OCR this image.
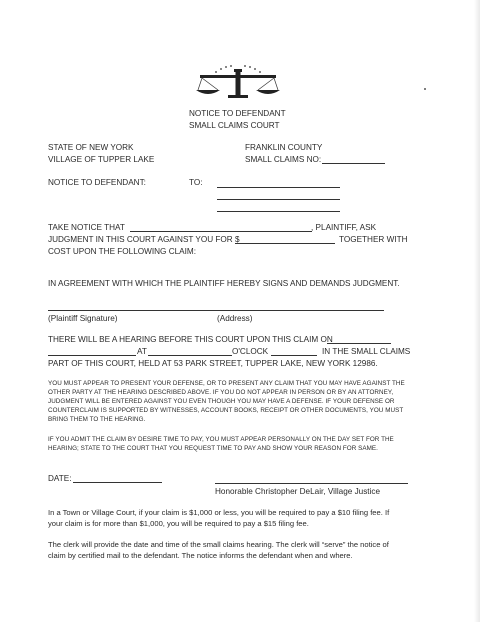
NOTICE TO DEFENDANT
SMALL CLAIMS COURT
STATE OF NEW YORK
VILLAGE OF TUPPER LAKE
FRANKLIN COUNTY
SMALL CLAIMS NO:
NOTICE TO DEFENDANT:	TO:
TAKE NOTICE THAT	, PLAINTIFF, ASK
JUDGMENT IN THIS COURT AGAINST YOU FOR $	TOGETHER WITH
COST UPON THE FOLLOWING CLAIM:
IN AGREEMENT WITH WHICH THE PLAINTIFF HEREBY SIGNS AND DEMANDS JUDGMENT.
(Plaintiff Signature)	(Address)
THERE WILL BE A HEARING BEFORE THIS COURT UPON THIS CLAIM ON
AT	O'CLOCK	IN THE SMALL CLAIMS
PART OF THIS COURT, HELD AT 53 PARK STREET, TUPPER LAKE, NEW YORK 12986.
YOU MUST APPEAR TO PRESENT YOUR DEFENSE, OR TO PRESENT ANY CLAIM THAT YOU MAY HAVE AGAINST THE
OTHER PARTY AT THE HEARING DESCRIBED ABOVE. IF YOU DO NOT APPEAR IN PERSON OR BY AN ATTORNEY,
JUDGMENT WILL BE ENTERED AGAINST YOU EVEN THOUGH YOU MAY HAVE A DEFENSE. IF YOUR DEFENSE OR
COUNTERCLAIM IS SUPPORTED BY WITNESSES, ACCOUNT BOOKS, RECEIPT OR OTHER DOCUMENTS, YOU MUST
BRING THEM TO THE HEARING.
IF YOU ADMIT THE CLAIM BY DESIRE TIME TO PAY, YOU MUST APPEAR PERSONALLY ON THE DAY SET FOR THE
HEARING; STATE TO THE COURT THAT YOU REQUEST TIME TO PAY AND SHOW YOUR REASON FOR SAME.
DATE:
Honorable Christopher DeLair, Village Justice
In a Town or Village Court, if your claim is $1,000 or less, you will be required to pay a $10 filing fee. If
your claim is for more than $1,000, you will be required to pay a $15 filing fee.
The clerk will provide the date and time of the small claims hearing. The clerk will “serve” the notice of
claim by certified mail to the defendant. The notice informs the defendant when and where.
